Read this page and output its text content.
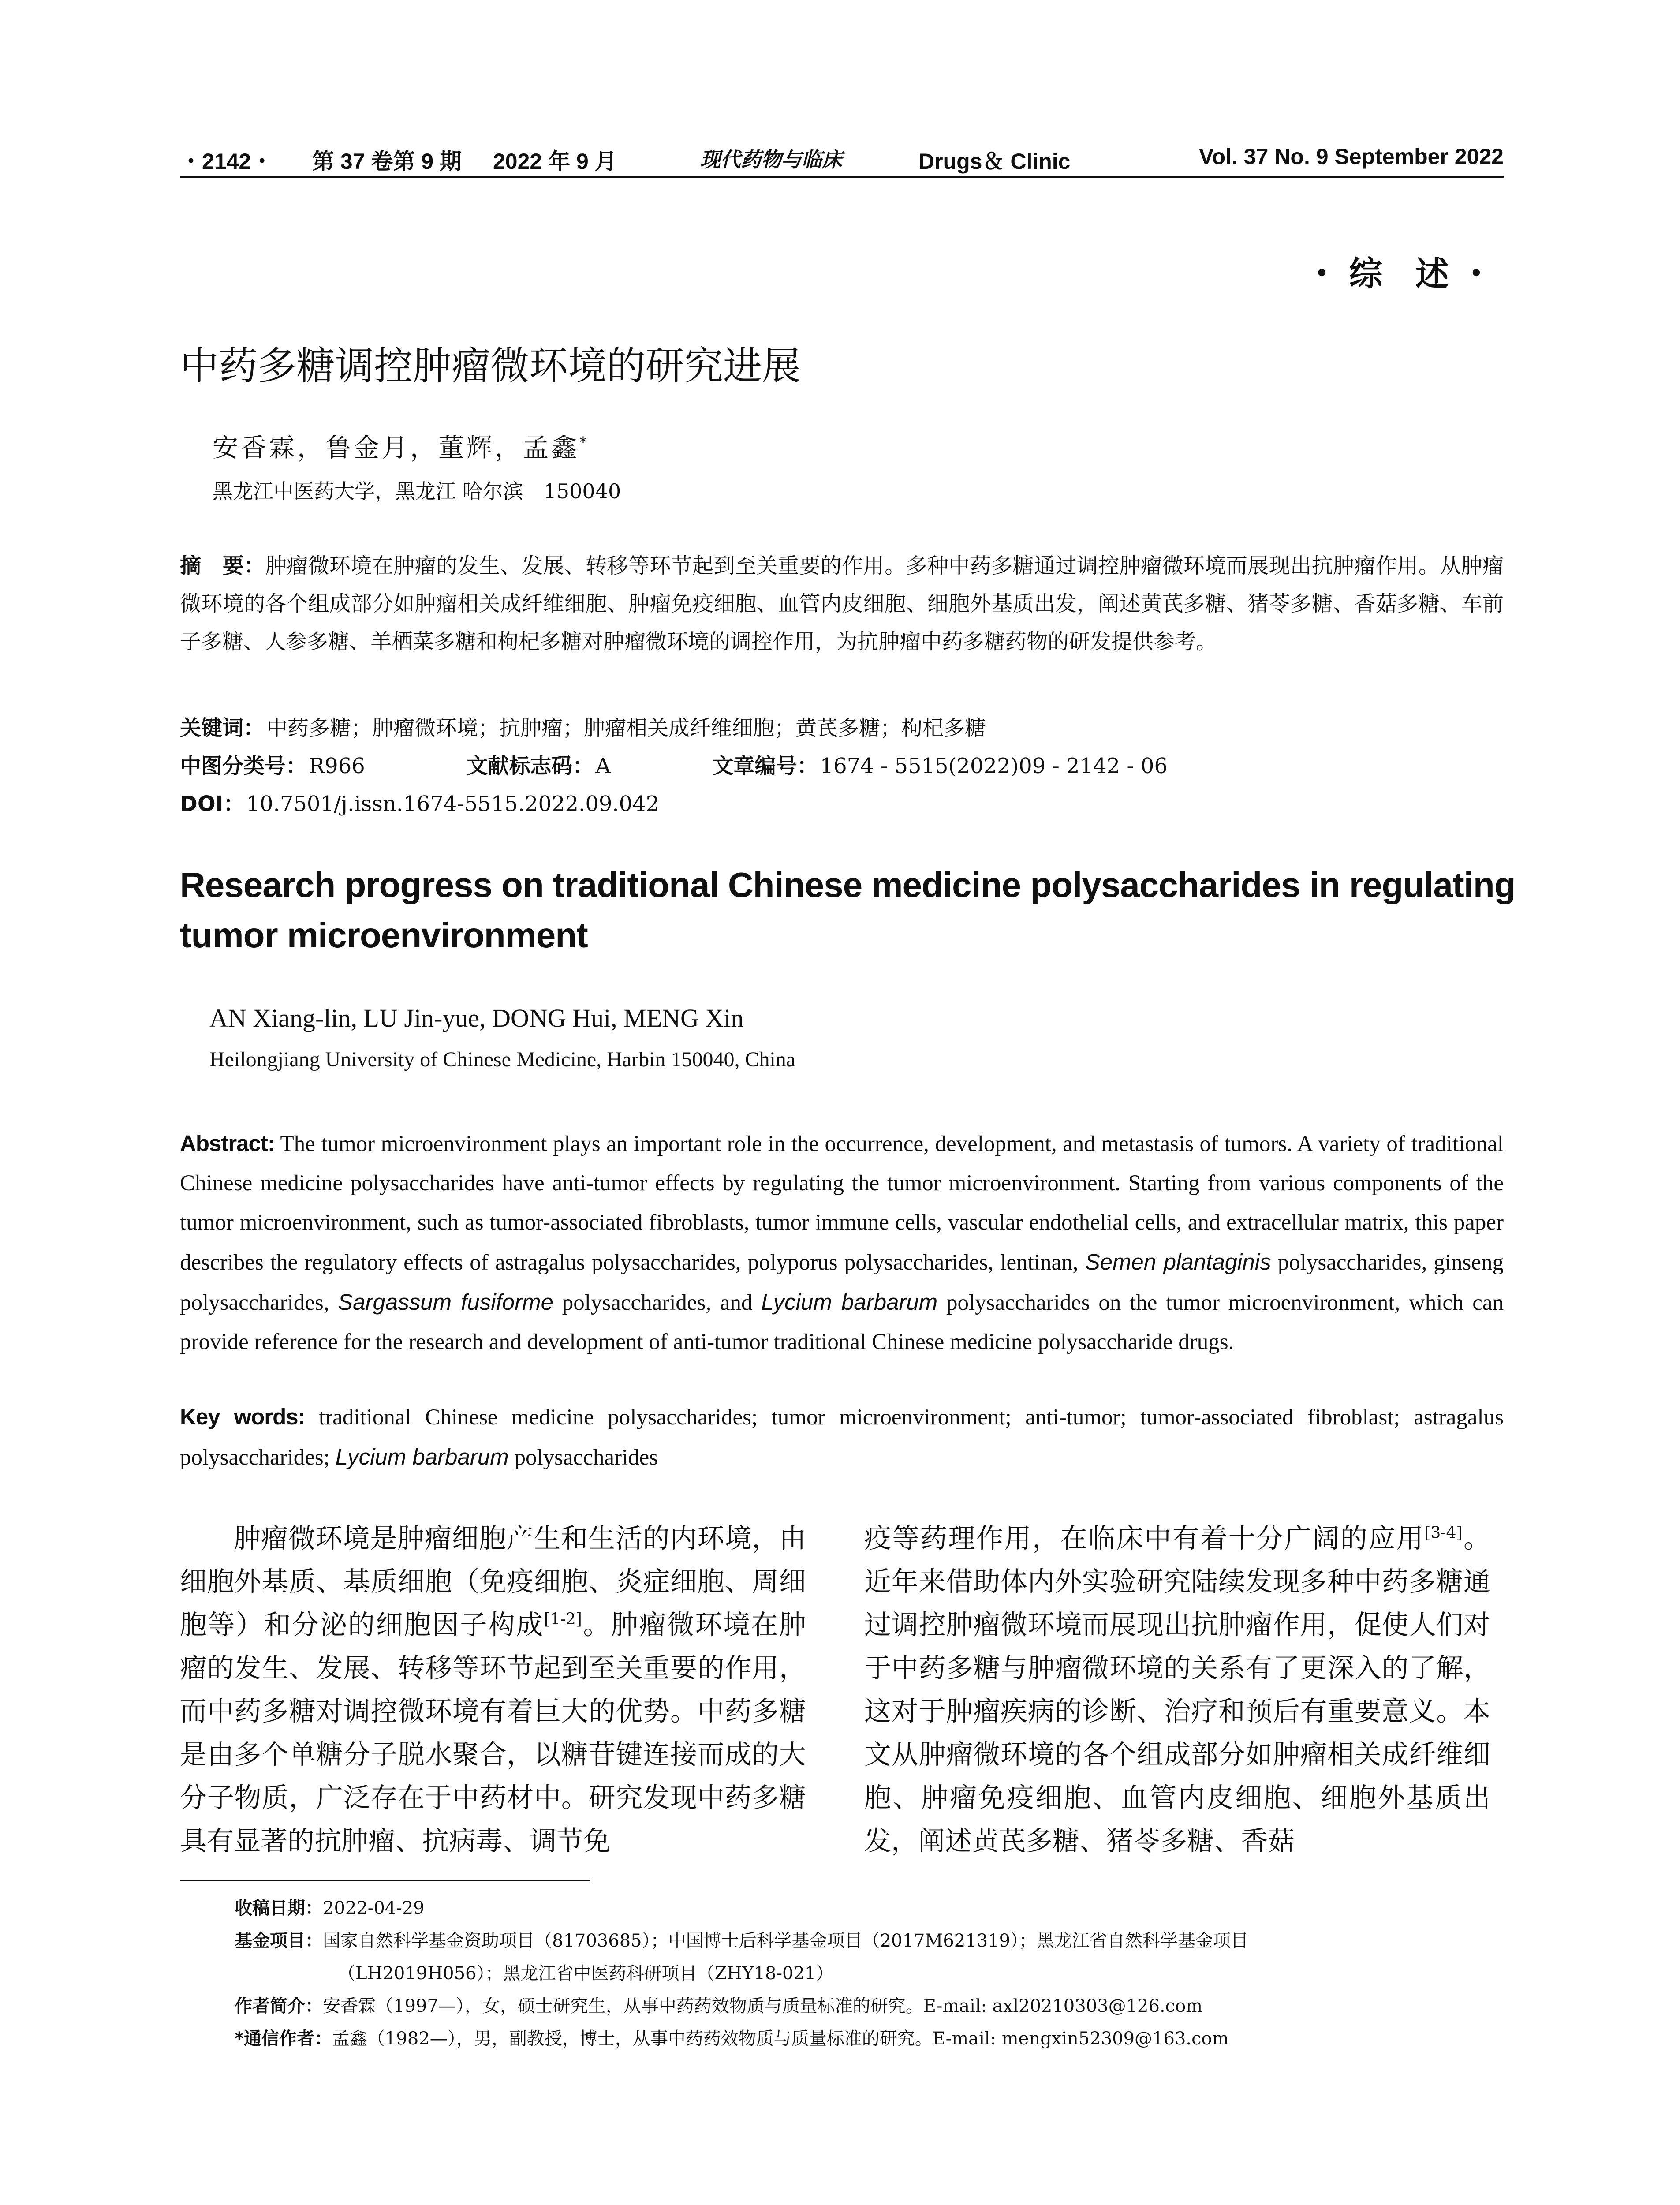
・2142・ 第 37 卷第 9 期 2022 年 9 月	现代药物与临床	Drugs＆ Clinic	Vol. 37 No. 9 September 2022
・综 述・
中药多糖调控肿瘤微环境的研究进展
安香霖，鲁金月，董辉，孟鑫*
黑龙江中医药大学，黑龙江 哈尔滨　150040
摘　要：肿瘤微环境在肿瘤的发生、发展、转移等环节起到至关重要的作用。多种中药多糖通过调控肿瘤微环境而展现出抗肿瘤作用。从肿瘤微环境的各个组成部分如肿瘤相关成纤维细胞、肿瘤免疫细胞、血管内皮细胞、细胞外基质出发，阐述黄芪多糖、猪苓多糖、香菇多糖、车前子多糖、人参多糖、羊栖菜多糖和枸杞多糖对肿瘤微环境的调控作用，为抗肿瘤中药多糖药物的研发提供参考。
关键词：中药多糖；肿瘤微环境；抗肿瘤；肿瘤相关成纤维细胞；黄芪多糖；枸杞多糖
中图分类号：R966	文献标志码：A	文章编号：1674 - 5515(2022)09 - 2142 - 06
DOI：10.7501/j.issn.1674-5515.2022.09.042
Research progress on traditional Chinese medicine polysaccharides in regulating tumor microenvironment
AN Xiang-lin, LU Jin-yue, DONG Hui, MENG Xin
Heilongjiang University of Chinese Medicine, Harbin 150040, China
Abstract: The tumor microenvironment plays an important role in the occurrence, development, and metastasis of tumors. A variety of traditional Chinese medicine polysaccharides have anti-tumor effects by regulating the tumor microenvironment. Starting from various components of the tumor microenvironment, such as tumor-associated fibroblasts, tumor immune cells, vascular endothelial cells, and extracellular matrix, this paper describes the regulatory effects of astragalus polysaccharides, polyporus polysaccharides, lentinan, Semen plantaginis polysaccharides, ginseng polysaccharides, Sargassum fusiforme polysaccharides, and Lycium barbarum polysaccharides on the tumor microenvironment, which can provide reference for the research and development of anti-tumor traditional Chinese medicine polysaccharide drugs.
Key words: traditional Chinese medicine polysaccharides; tumor microenvironment; anti-tumor; tumor-associated fibroblast; astragalus polysaccharides; Lycium barbarum polysaccharides
肿瘤微环境是肿瘤细胞产生和生活的内环境，由细胞外基质、基质细胞（免疫细胞、炎症细胞、周细胞等）和分泌的细胞因子构成[1-2]。肿瘤微环境在肿瘤的发生、发展、转移等环节起到至关重要的作用，而中药多糖对调控微环境有着巨大的优势。中药多糖是由多个单糖分子脱水聚合，以糖苷键连接而成的大分子物质，广泛存在于中药材中。研究发现中药多糖具有显著的抗肿瘤、抗病毒、调节免
疫等药理作用，在临床中有着十分广阔的应用[3-4]。近年来借助体内外实验研究陆续发现多种中药多糖通过调控肿瘤微环境而展现出抗肿瘤作用，促使人们对于中药多糖与肿瘤微环境的关系有了更深入的了解，这对于肿瘤疾病的诊断、治疗和预后有重要意义。本文从肿瘤微环境的各个组成部分如肿瘤相关成纤维细胞、肿瘤免疫细胞、血管内皮细胞、细胞外基质出发，阐述黄芪多糖、猪苓多糖、香菇
收稿日期：2022-04-29
基金项目：国家自然科学基金资助项目（81703685）；中国博士后科学基金项目（2017M621319）；黑龙江省自然科学基金项目
（LH2019H056）；黑龙江省中医药科研项目（ZHY18-021）
作者简介：安香霖（1997—），女，硕士研究生，从事中药药效物质与质量标准的研究。E-mail: axl20210303@126.com
*通信作者：孟鑫（1982—），男，副教授，博士，从事中药药效物质与质量标准的研究。E-mail: mengxin52309@163.com
